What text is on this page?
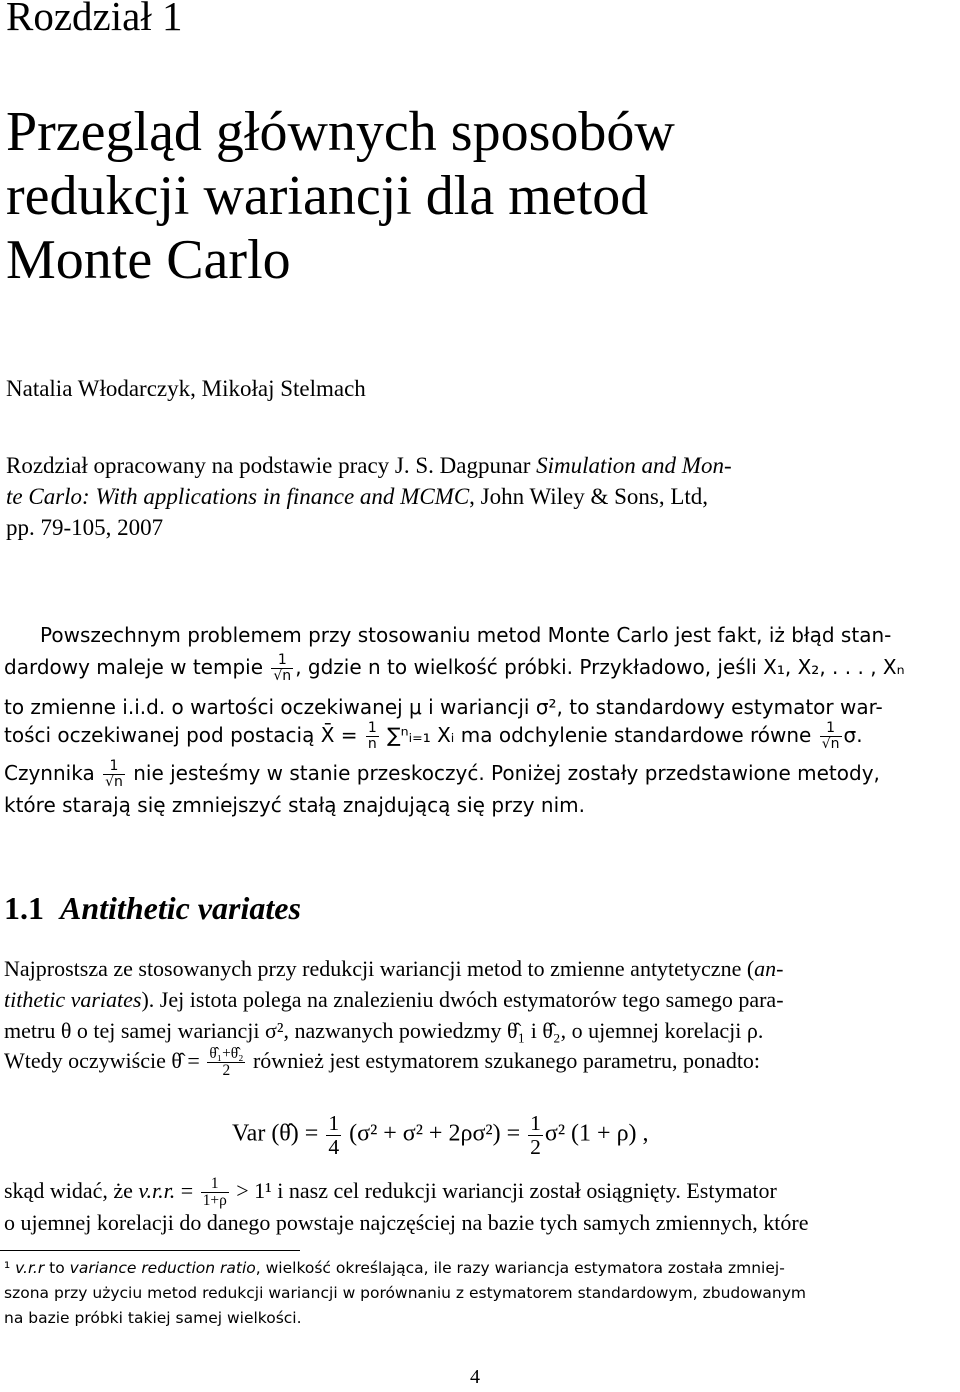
Rozdział 1
Przegląd głównych sposobów
redukcji wariancji dla metod
Monte Carlo
Natalia Włodarczyk, Mikołaj Stelmach
Rozdział opracowany na podstawie pracy J. S. Dagpunar Simulation and Mon-
te Carlo: With applications in finance and MCMC, John Wiley & Sons, Ltd,
pp. 79-105, 2007
Powszechnym problemem przy stosowaniu metod Monte Carlo jest fakt, iż błąd stan-
dardowy maleje w tempie $\frac{1}{√n}$ , gdzie n to wielkość próbki. Przykładowo, jeśli X₁, X₂, . . . , Xₙ
to zmienne i.i.d. o wartości oczekiwanej μ i wariancji σ², to standardowy estymator war-
tości oczekiwanej pod postacią X̄ = $\frac{1}{n}$ ∑ⁿᵢ₌₁ Xᵢ ma odchylenie standardowe równe $\frac{1}{√n} \sigma$.
Czynnika $\frac{1}{√n}$ nie jesteśmy w stanie przeskoczyć. Poniżej zostały przedstawione metody,
które starają się zmniejszyć stałą znajdującą się przy nim.
1.1 Antithetic variates
Najprostsza ze stosowanych przy redukcji wariancji metod to zmienne antytetyczne (an-
tithetic variates). Jej istota polega na znalezieniu dwóch estymatorów tego samego para-
metru θ o tej samej wariancji σ², nazwanych powiedzmy θ̂₁ i θ̂₂, o ujemnej korelacji ρ.
Wtedy oczywiście θ̂ = $\frac{\text{θ̂₁+θ̂₂}}{2}$ również jest estymatorem szukanego parametru, ponadto:
Var (θ̂) = $\frac{1}{4} (\sigma^2 + \sigma^2 + 2\rho\sigma^2) = \frac{1}{2} \sigma^2$ (1 + ρ) ,
skąd widać, że v.r.r. = $\frac{1}{1+\rho} > 1^1$ i nasz cel redukcji wariancji został osiągnięty. Estymator
o ujemnej korelacji do danego powstaje najczęściej na bazie tych samych zmiennych, które
¹ v.r.r to variance reduction ratio, wielkość określająca, ile razy wariancja estymatora została zmniej-
szona przy użyciu metod redukcji wariancji w porównaniu z estymatorem standardowym, zbudowanym
na bazie próbki takiej samej wielkości.
4
